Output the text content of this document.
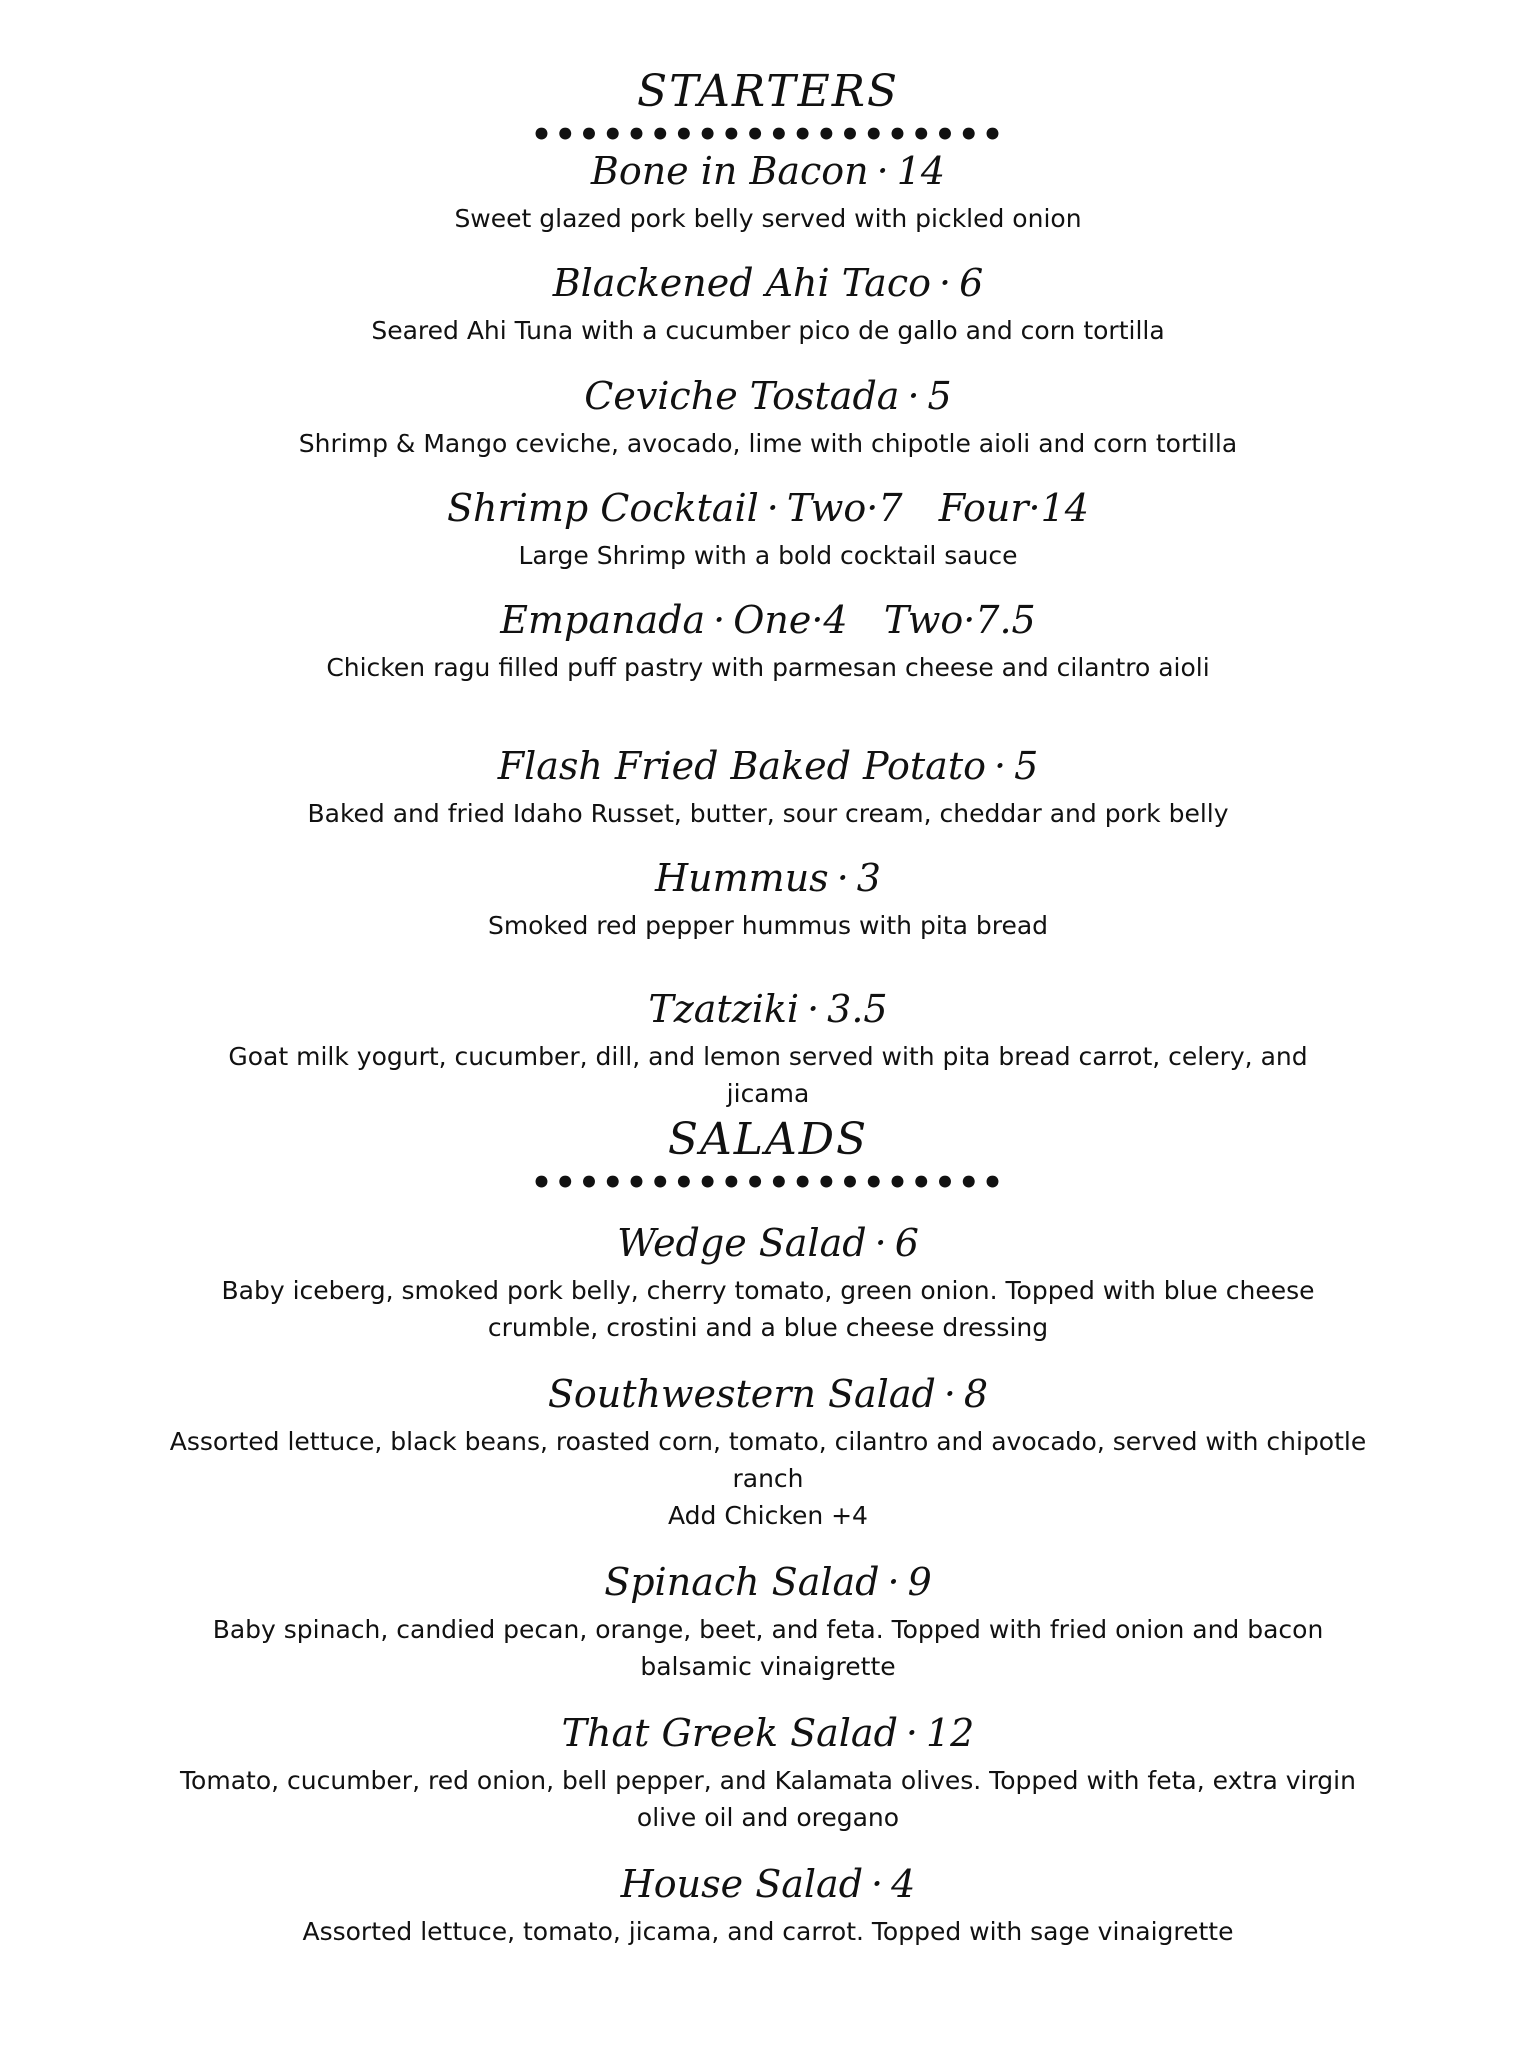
STARTERS
••••••••••••••••••••
Bone in Bacon · 14
Sweet glazed pork belly served with pickled onion
Blackened Ahi Taco · 6
Seared Ahi Tuna with a cucumber pico de gallo and corn tortilla
Ceviche Tostada · 5
Shrimp & Mango ceviche, avocado, lime with chipotle aioli and corn tortilla
Shrimp Cocktail · Two·7   Four·14
Large Shrimp with a bold cocktail sauce
Empanada · One·4   Two·7.5
Chicken ragu filled puff pastry with parmesan cheese and cilantro aioli
Flash Fried Baked Potato · 5
Baked and fried Idaho Russet, butter, sour cream, cheddar and pork belly
Hummus · 3
Smoked red pepper hummus with pita bread
Tzatziki · 3.5
Goat milk yogurt, cucumber, dill, and lemon served with pita bread carrot, celery, and
jicama
SALADS
••••••••••••••••••••
Wedge Salad · 6
Baby iceberg, smoked pork belly, cherry tomato, green onion. Topped with blue cheese
crumble, crostini and a blue cheese dressing
Southwestern Salad · 8
Assorted lettuce, black beans, roasted corn, tomato, cilantro and avocado, served with chipotle
ranch
Add Chicken +4
Spinach Salad · 9
Baby spinach, candied pecan, orange, beet, and feta. Topped with fried onion and bacon
balsamic vinaigrette
That Greek Salad · 12
Tomato, cucumber, red onion, bell pepper, and Kalamata olives. Topped with feta, extra virgin
olive oil and oregano
House Salad · 4
Assorted lettuce, tomato, jicama, and carrot. Topped with sage vinaigrette
